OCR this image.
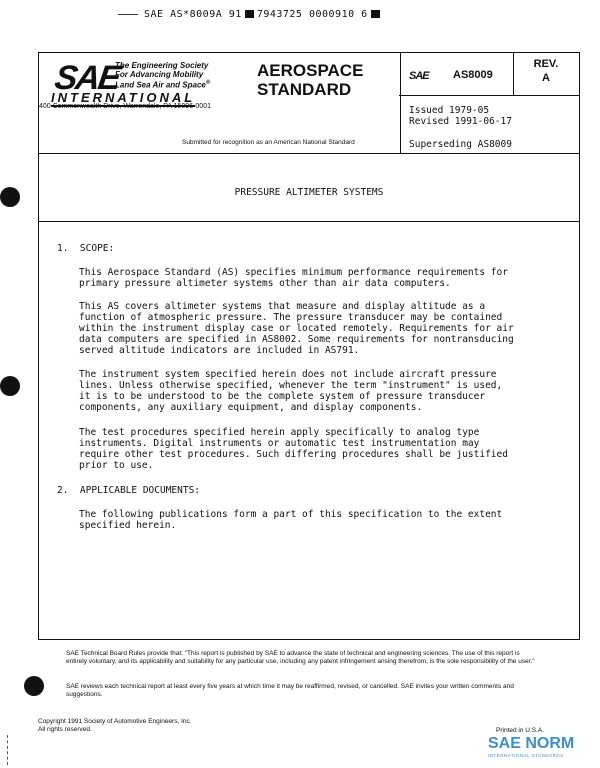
SAE AS*8009A 91 7943725 0000910 6
SAE
The Engineering Society
For Advancing Mobility
Land Sea Air and Space®
INTERNATIONAL
400 Commonwealth Drive, Warrendale, PA 15096-0001
AEROSPACE
STANDARD
Submitted for recognition as an American National Standard
SAE AS8009
REV.
A
Issued 1979-05
Revised 1991-06-17
Superseding AS8009
PRESSURE ALTIMETER SYSTEMS
1. SCOPE:

This Aerospace Standard (AS) specifies minimum performance requirements for
primary pressure altimeter systems other than air data computers.

This AS covers altimeter systems that measure and display altitude as a
function of atmospheric pressure. The pressure transducer may be contained
within the instrument display case or located remotely. Requirements for air
data computers are specified in AS8002. Some requirements for nontransducing
served altitude indicators are included in AS791.

The instrument system specified herein does not include aircraft pressure
lines. Unless otherwise specified, whenever the term "instrument" is used,
it is to be understood to be the complete system of pressure transducer
components, any auxiliary equipment, and display components.

The test procedures specified herein apply specifically to analog type
instruments. Digital instruments or automatic test instrumentation may
require other test procedures. Such differing procedures shall be justified
prior to use.

2. APPLICABLE DOCUMENTS:

The following publications form a part of this specification to the extent
specified herein.

SAE Technical Board Rules provide that: "This report is published by SAE to advance the state of technical and engineering sciences. The use of this report is entirely voluntary, and its applicability and suitability for any particular use, including any patent infringement arising therefrom, is the sole responsibility of the user."
SAE reviews each technical report at least every five years at which time it may be reaffirmed, revised, or cancelled. SAE invites your written comments and suggestions.
Copyright 1991 Society of Automotive Engineers, Inc.
All rights reserved.	Printed in U.S.A.
SAE NORM
INTERNATIONAL STANDARDS
